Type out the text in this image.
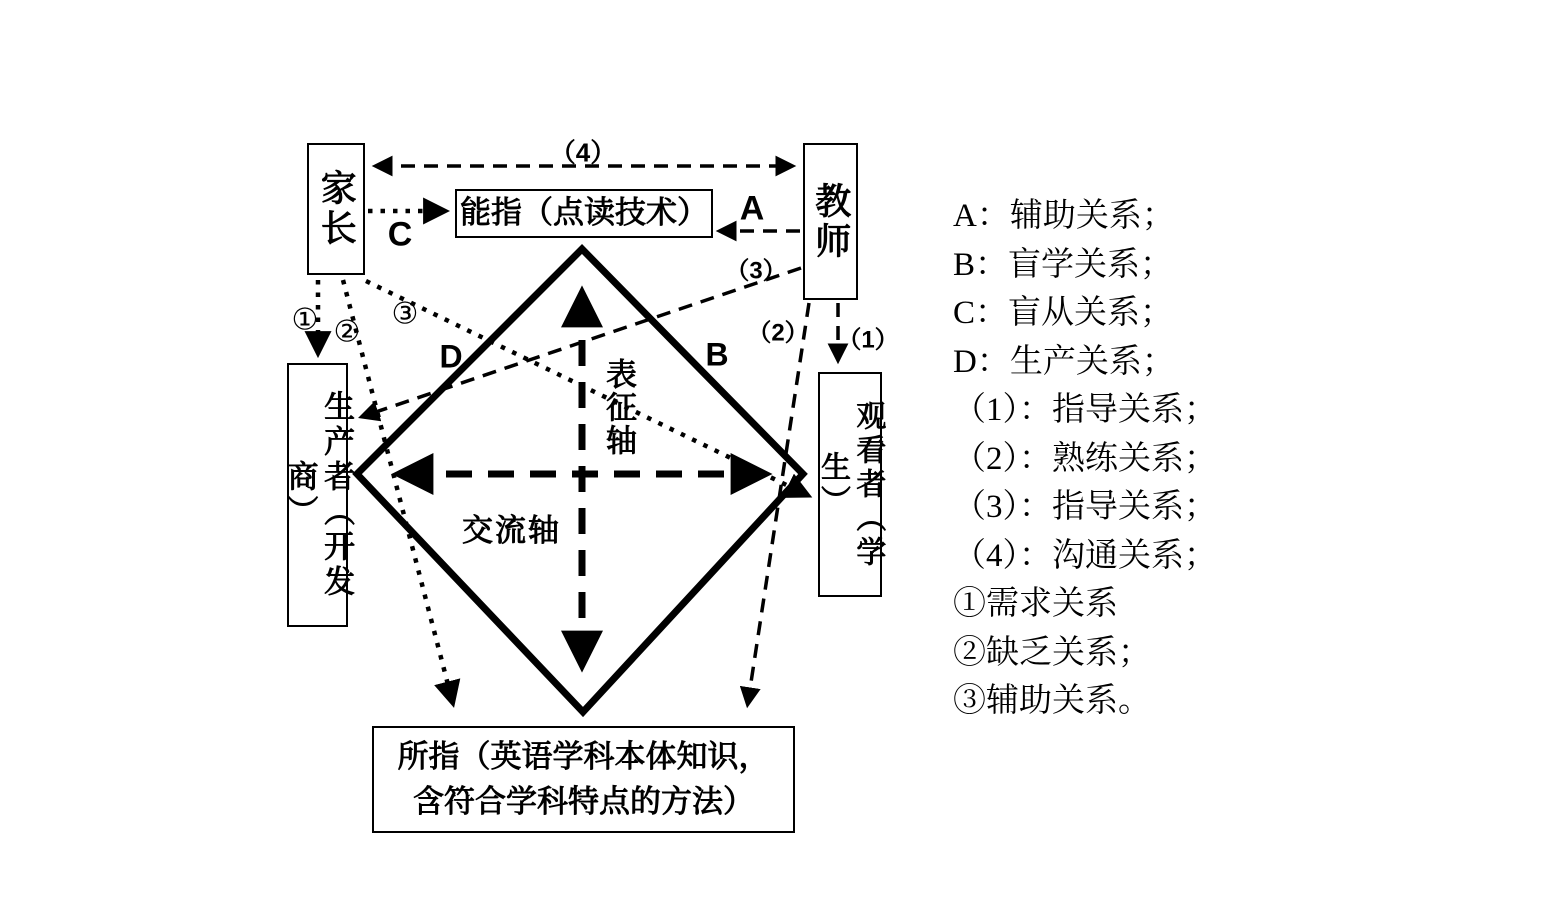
家长	教师
能指（点读技术）
生产者（开发商）	观看者（学生）
所指（英语学科本体知识，
含符合学科特点的方法）
表征轴
交流轴
（4）
A
C
D	B
（3）
（2） （1）
① ②
③
A：辅助关系；
B：盲学关系；
C：盲从关系；
D：生产关系；
（1）：指导关系；
（2）：熟练关系；
（3）：指导关系；
（4）：沟通关系；
①需求关系
②缺乏关系；
③辅助关系。
